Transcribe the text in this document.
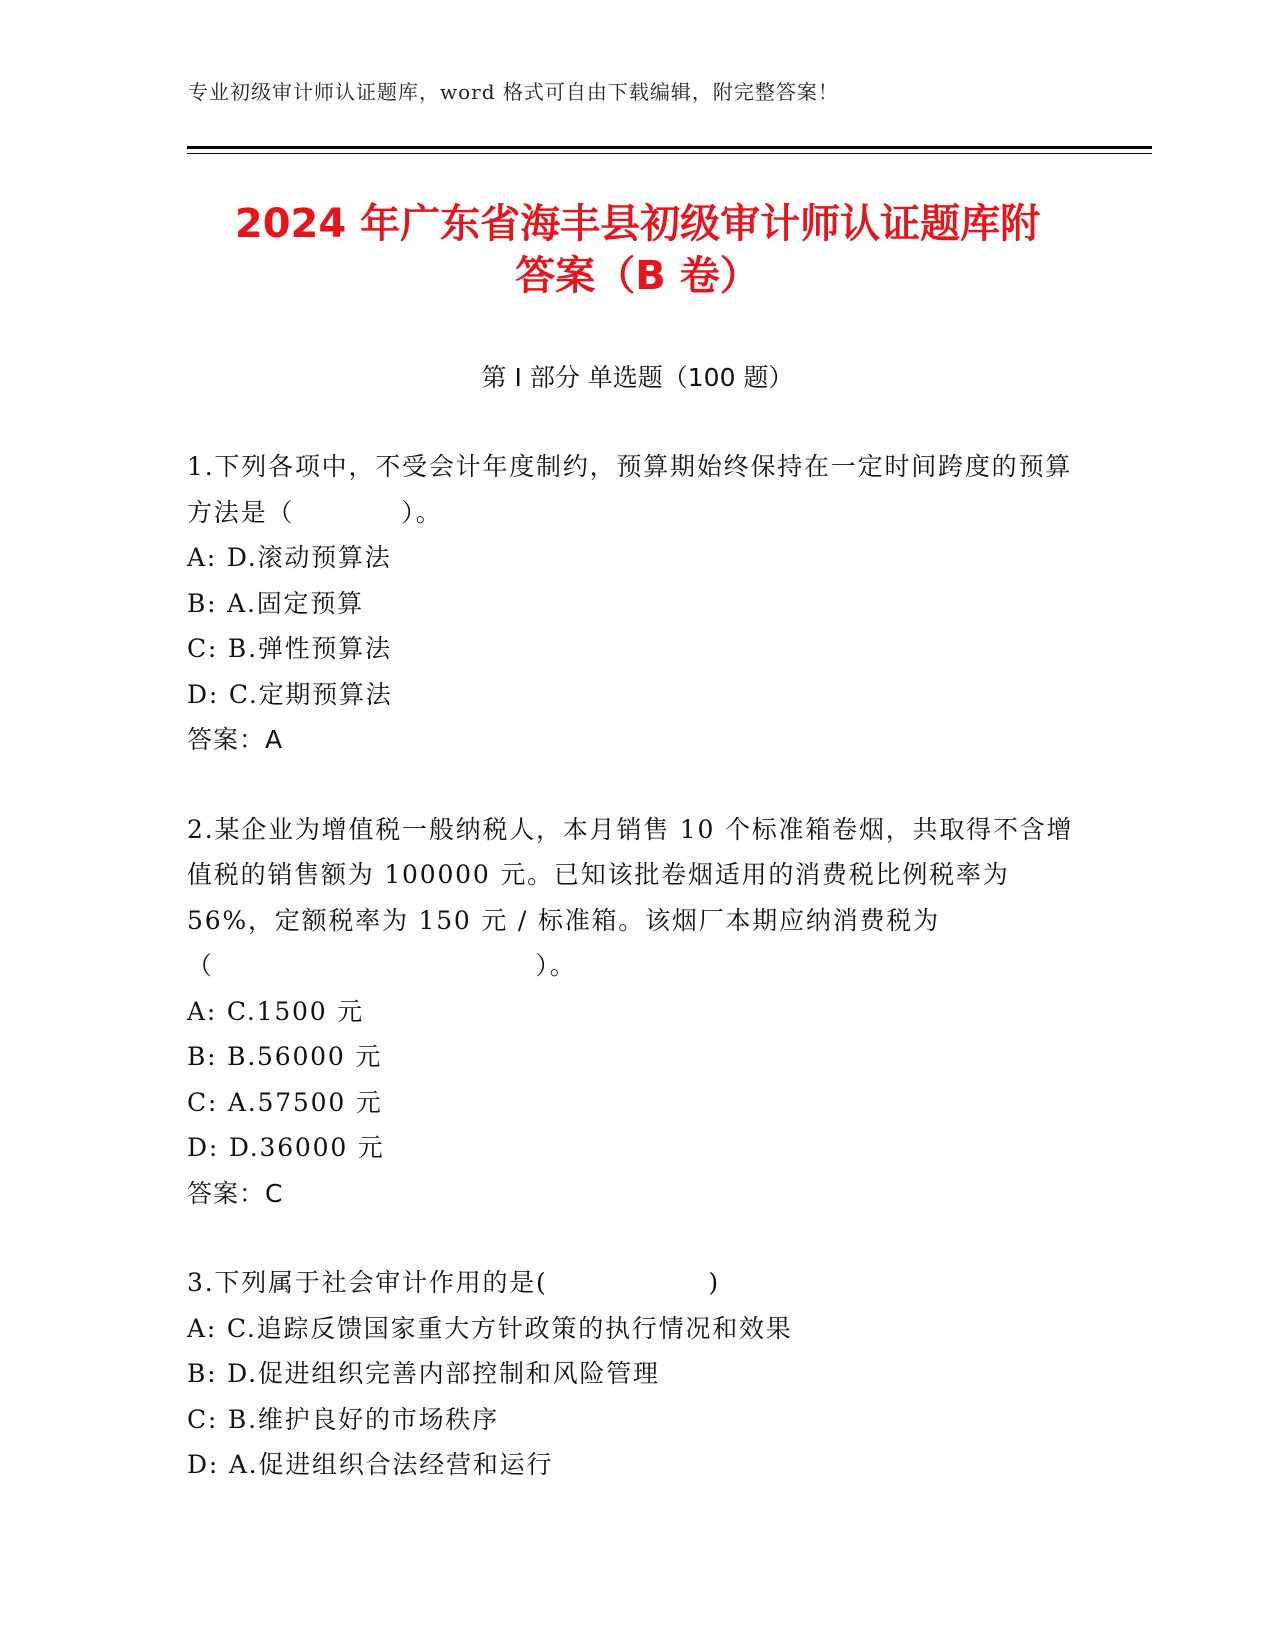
专业初级审计师认证题库，word 格式可自由下载编辑，附完整答案！
2024 年广东省海丰县初级审计师认证题库附
答案（B 卷）
第 I 部分 单选题（100 题）
1.下列各项中，不受会计年度制约，预算期始终保持在一定时间跨度的预算方法是（　　　　）。
A: D.滚动预算法
B: A.固定预算
C: B.弹性预算法
D: C.定期预算法
答案：A
2.某企业为增值税一般纳税人，本月销售 10 个标准箱卷烟，共取得不含增值税的销售额为 100000 元。已知该批卷烟适用的消费税比例税率为 56%，定额税率为 150 元 / 标准箱。该烟厂本期应纳消费税为（　　　　　　　　　　　　）。
A: C.1500 元
B: B.56000 元
C: A.57500 元
D: D.36000 元
答案：C
3.下列属于社会审计作用的是(　　　　　　)
A: C.追踪反馈国家重大方针政策的执行情况和效果
B: D.促进组织完善内部控制和风险管理
C: B.维护良好的市场秩序
D: A.促进组织合法经营和运行
